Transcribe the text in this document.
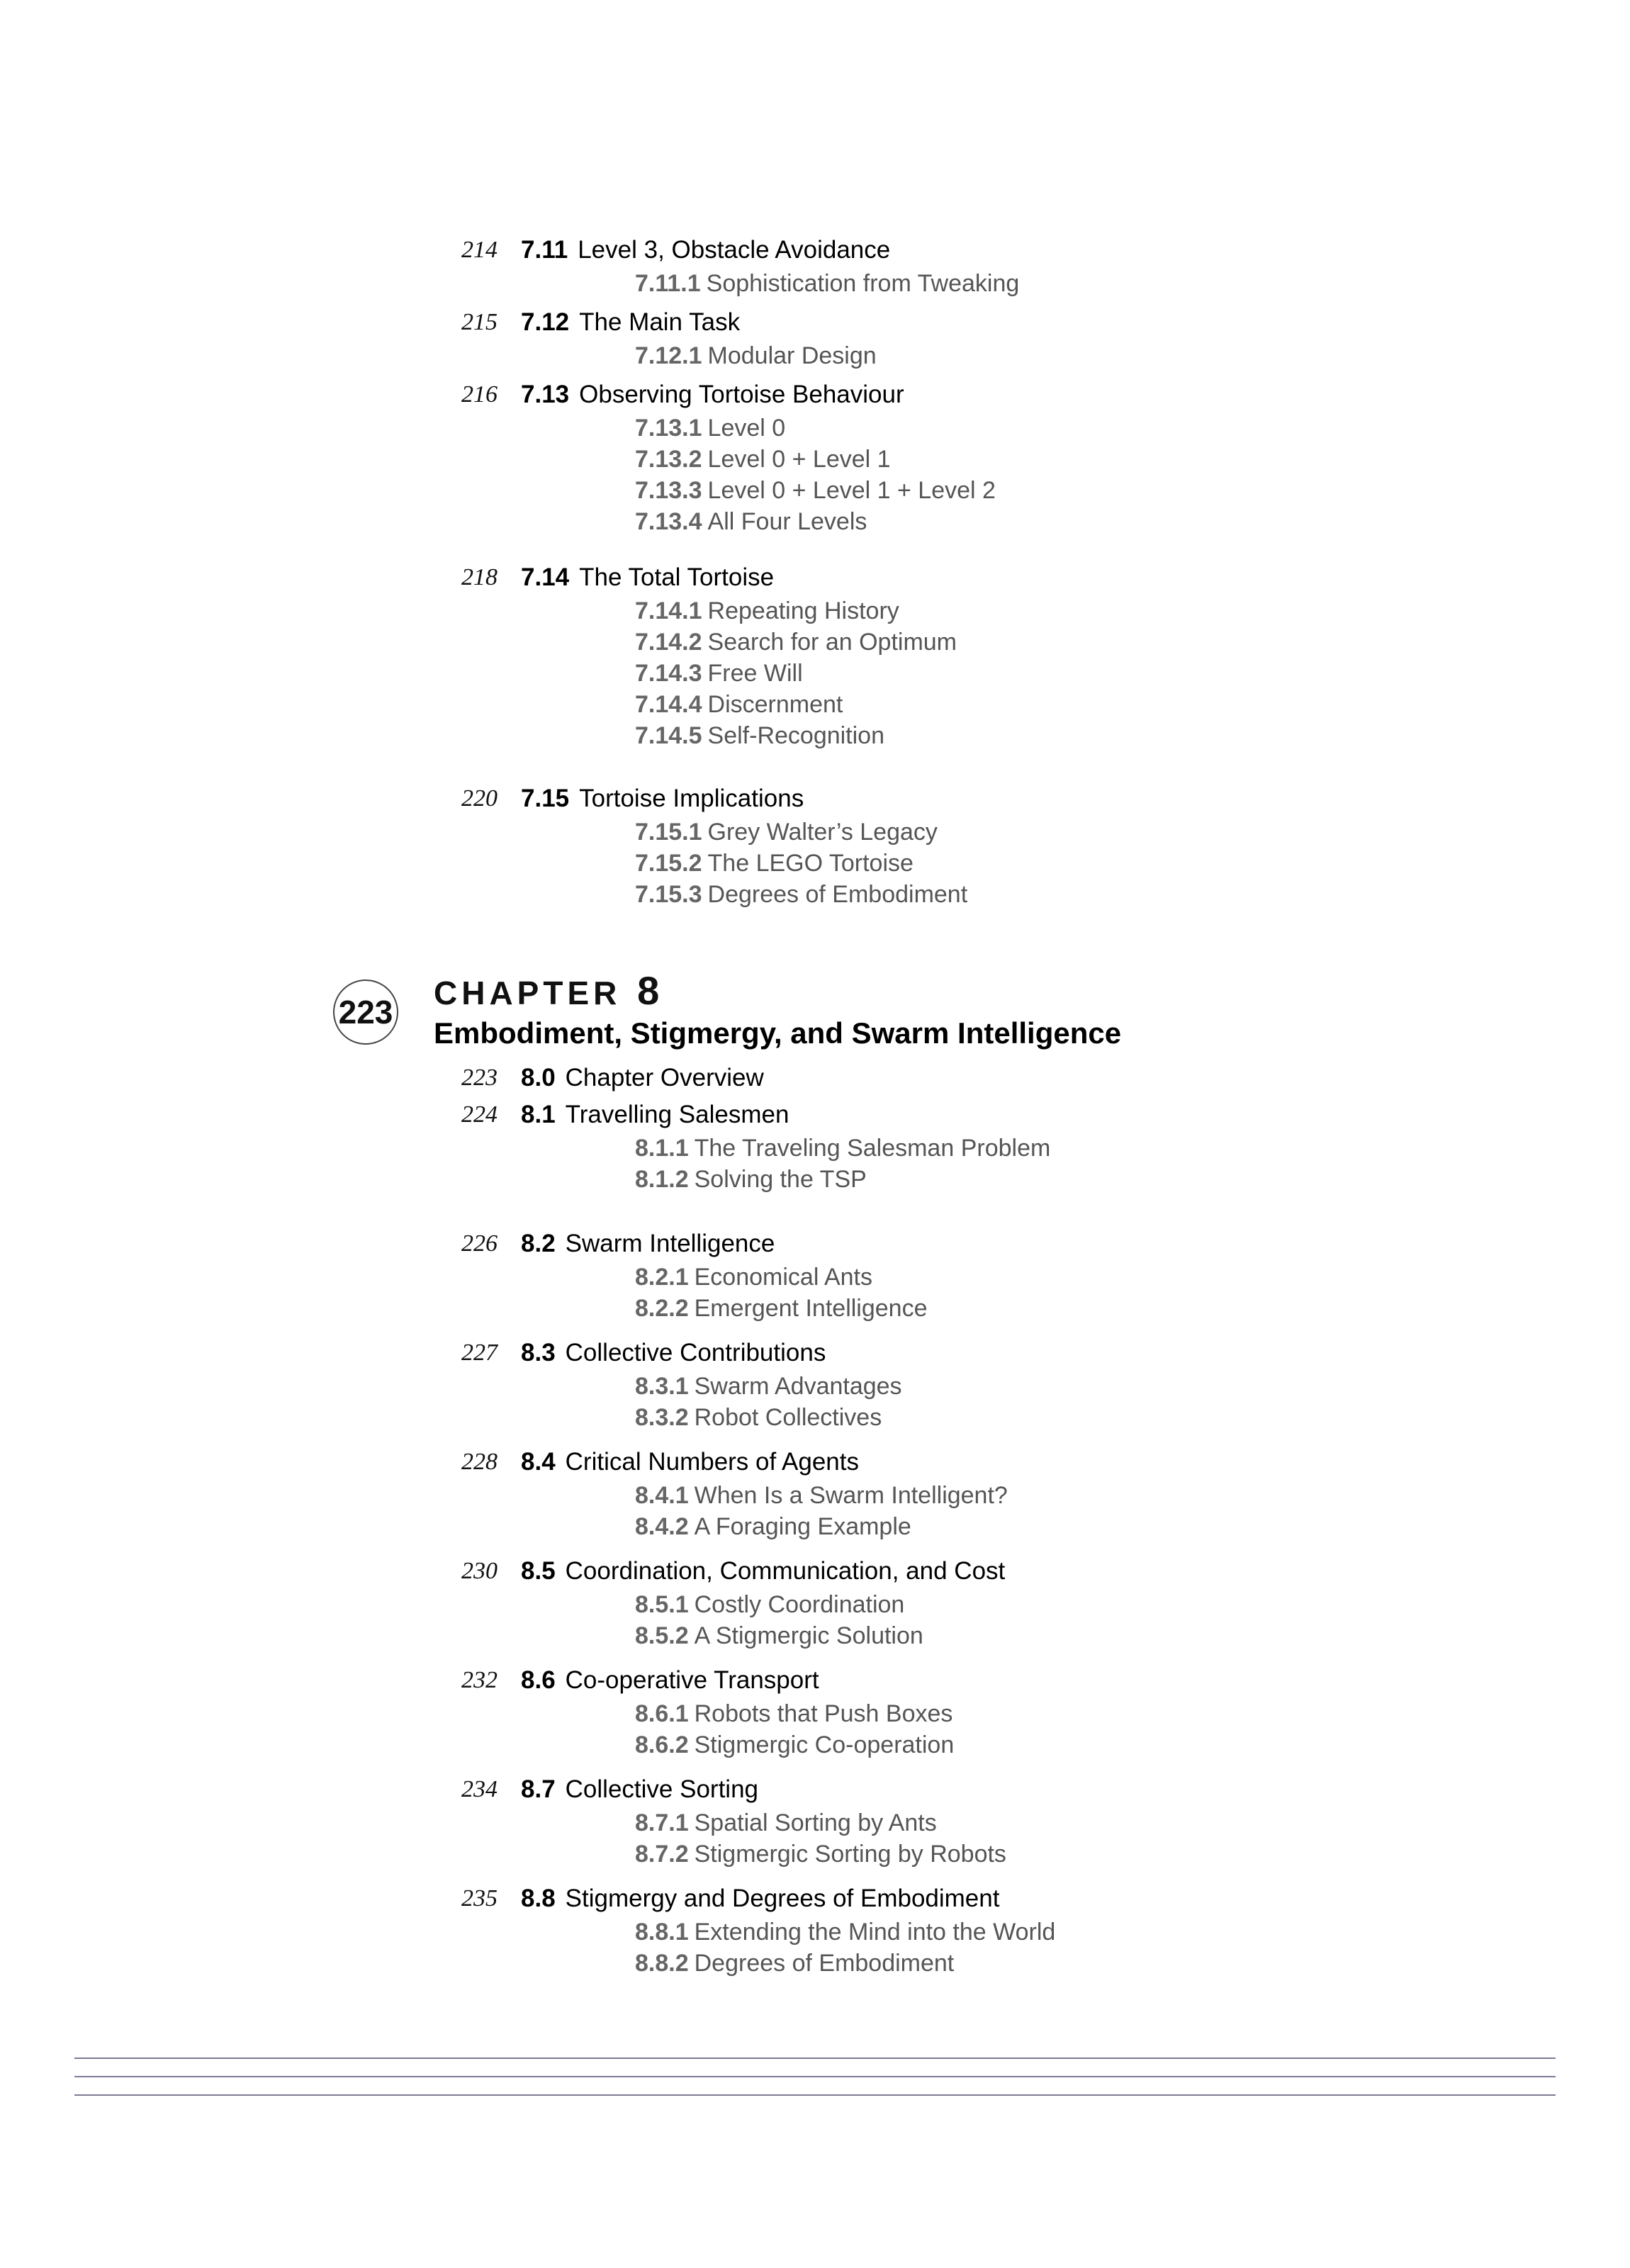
214 7.11 Level 3, Obstacle Avoidance
7.11.1 Sophistication from Tweaking
215 7.12 The Main Task
7.12.1 Modular Design
216 7.13 Observing Tortoise Behaviour
7.13.1 Level 0
7.13.2 Level 0 + Level 1
7.13.3 Level 0 + Level 1 + Level 2
7.13.4 All Four Levels
218 7.14 The Total Tortoise
7.14.1 Repeating History
7.14.2 Search for an Optimum
7.14.3 Free Will
7.14.4 Discernment
7.14.5 Self-Recognition
220 7.15 Tortoise Implications
7.15.1 Grey Walter’s Legacy
7.15.2 The LEGO Tortoise
7.15.3 Degrees of Embodiment
223
CHAPTER 8
Embodiment, Stigmergy, and Swarm Intelligence
223 8.0 Chapter Overview
224 8.1 Travelling Salesmen
8.1.1 The Traveling Salesman Problem
8.1.2 Solving the TSP
226 8.2 Swarm Intelligence
8.2.1 Economical Ants
8.2.2 Emergent Intelligence
227 8.3 Collective Contributions
8.3.1 Swarm Advantages
8.3.2 Robot Collectives
228 8.4 Critical Numbers of Agents
8.4.1 When Is a Swarm Intelligent?
8.4.2 A Foraging Example
230 8.5 Coordination, Communication, and Cost
8.5.1 Costly Coordination
8.5.2 A Stigmergic Solution
232 8.6 Co-operative Transport
8.6.1 Robots that Push Boxes
8.6.2 Stigmergic Co-operation
234 8.7 Collective Sorting
8.7.1 Spatial Sorting by Ants
8.7.2 Stigmergic Sorting by Robots
235 8.8 Stigmergy and Degrees of Embodiment
8.8.1 Extending the Mind into the World
8.8.2 Degrees of Embodiment
